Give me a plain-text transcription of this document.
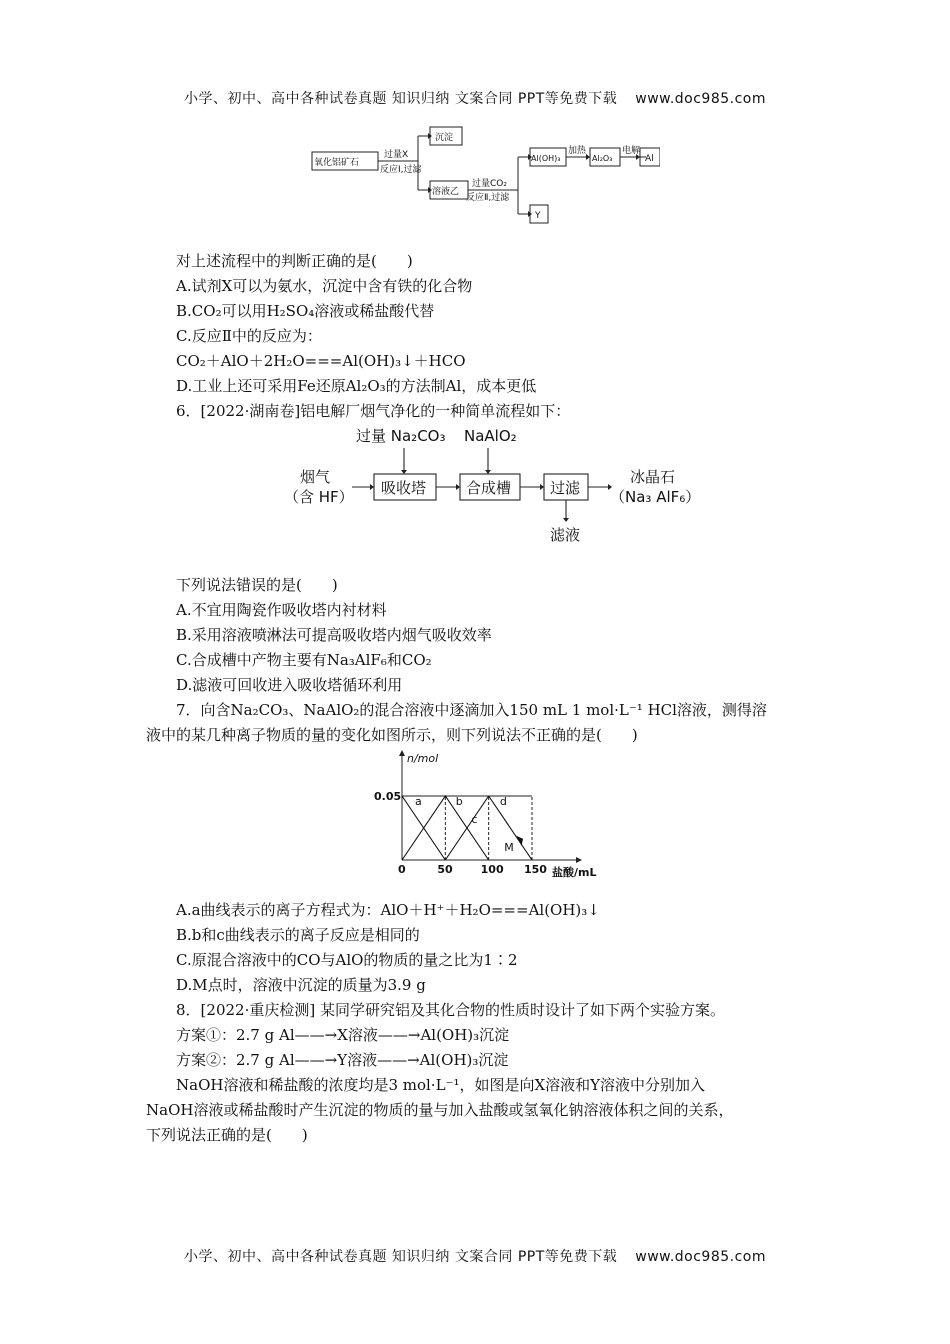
小学、初中、高中各种试卷真题 知识归纳 文案合同 PPT等免费下载 www.doc985.com
氧化铝矿石
过量X
反应Ⅰ,过滤
沉淀
溶液乙
过量CO₂
反应Ⅱ,过滤
Al(OH)₃
加热
Al₂O₃
电解
Al
Y
对上述流程中的判断正确的是(　　)
A.试剂X可以为氨水，沉淀中含有铁的化合物
B.CO₂可以用H₂SO₄溶液或稀盐酸代替
C.反应Ⅱ中的反应为：
CO₂＋AlO＋2H₂O===Al(OH)₃↓＋HCO
D.工业上还可采用Fe还原Al₂O₃的方法制Al，成本更低
6．[2022·湖南卷]铝电解厂烟气净化的一种简单流程如下：
过量 Na₂CO₃ NaAlO₂
烟气
（含 HF） 吸收塔	合成槽	过滤
冰晶石
（Na₃ AlF₆）
滤液
下列说法错误的是(　　)
A.不宜用陶瓷作吸收塔内衬材料
B.采用溶液喷淋法可提高吸收塔内烟气吸收效率
C.合成槽中产物主要有Na₃AlF₆和CO₂
D.滤液可回收进入吸收塔循环利用
7．向含Na₂CO₃、NaAlO₂的混合溶液中逐滴加入150 mL 1 mol·L⁻¹ HCl溶液，测得溶
液中的某几种离子物质的量的变化如图所示，则下列说法不正确的是(　　)
a	b
c
d
M
0	50	100 150
0.05
n/mol
盐酸/mL
A.a曲线表示的离子方程式为：AlO＋H⁺＋H₂O===Al(OH)₃↓
B.b和c曲线表示的离子反应是相同的
C.原混合溶液中的CO与AlO的物质的量之比为1∶2
D.M点时，溶液中沉淀的质量为3.9 g
8．[2022·重庆检测] 某同学研究铝及其化合物的性质时设计了如下两个实验方案。
方案①：2.7 g Al——→X溶液——→Al(OH)₃沉淀
方案②：2.7 g Al——→Y溶液——→Al(OH)₃沉淀
NaOH溶液和稀盐酸的浓度均是3 mol·L⁻¹，如图是向X溶液和Y溶液中分别加入
NaOH溶液或稀盐酸时产生沉淀的物质的量与加入盐酸或氢氧化钠溶液体积之间的关系，
下列说法正确的是(　　)
小学、初中、高中各种试卷真题 知识归纳 文案合同 PPT等免费下载 www.doc985.com
